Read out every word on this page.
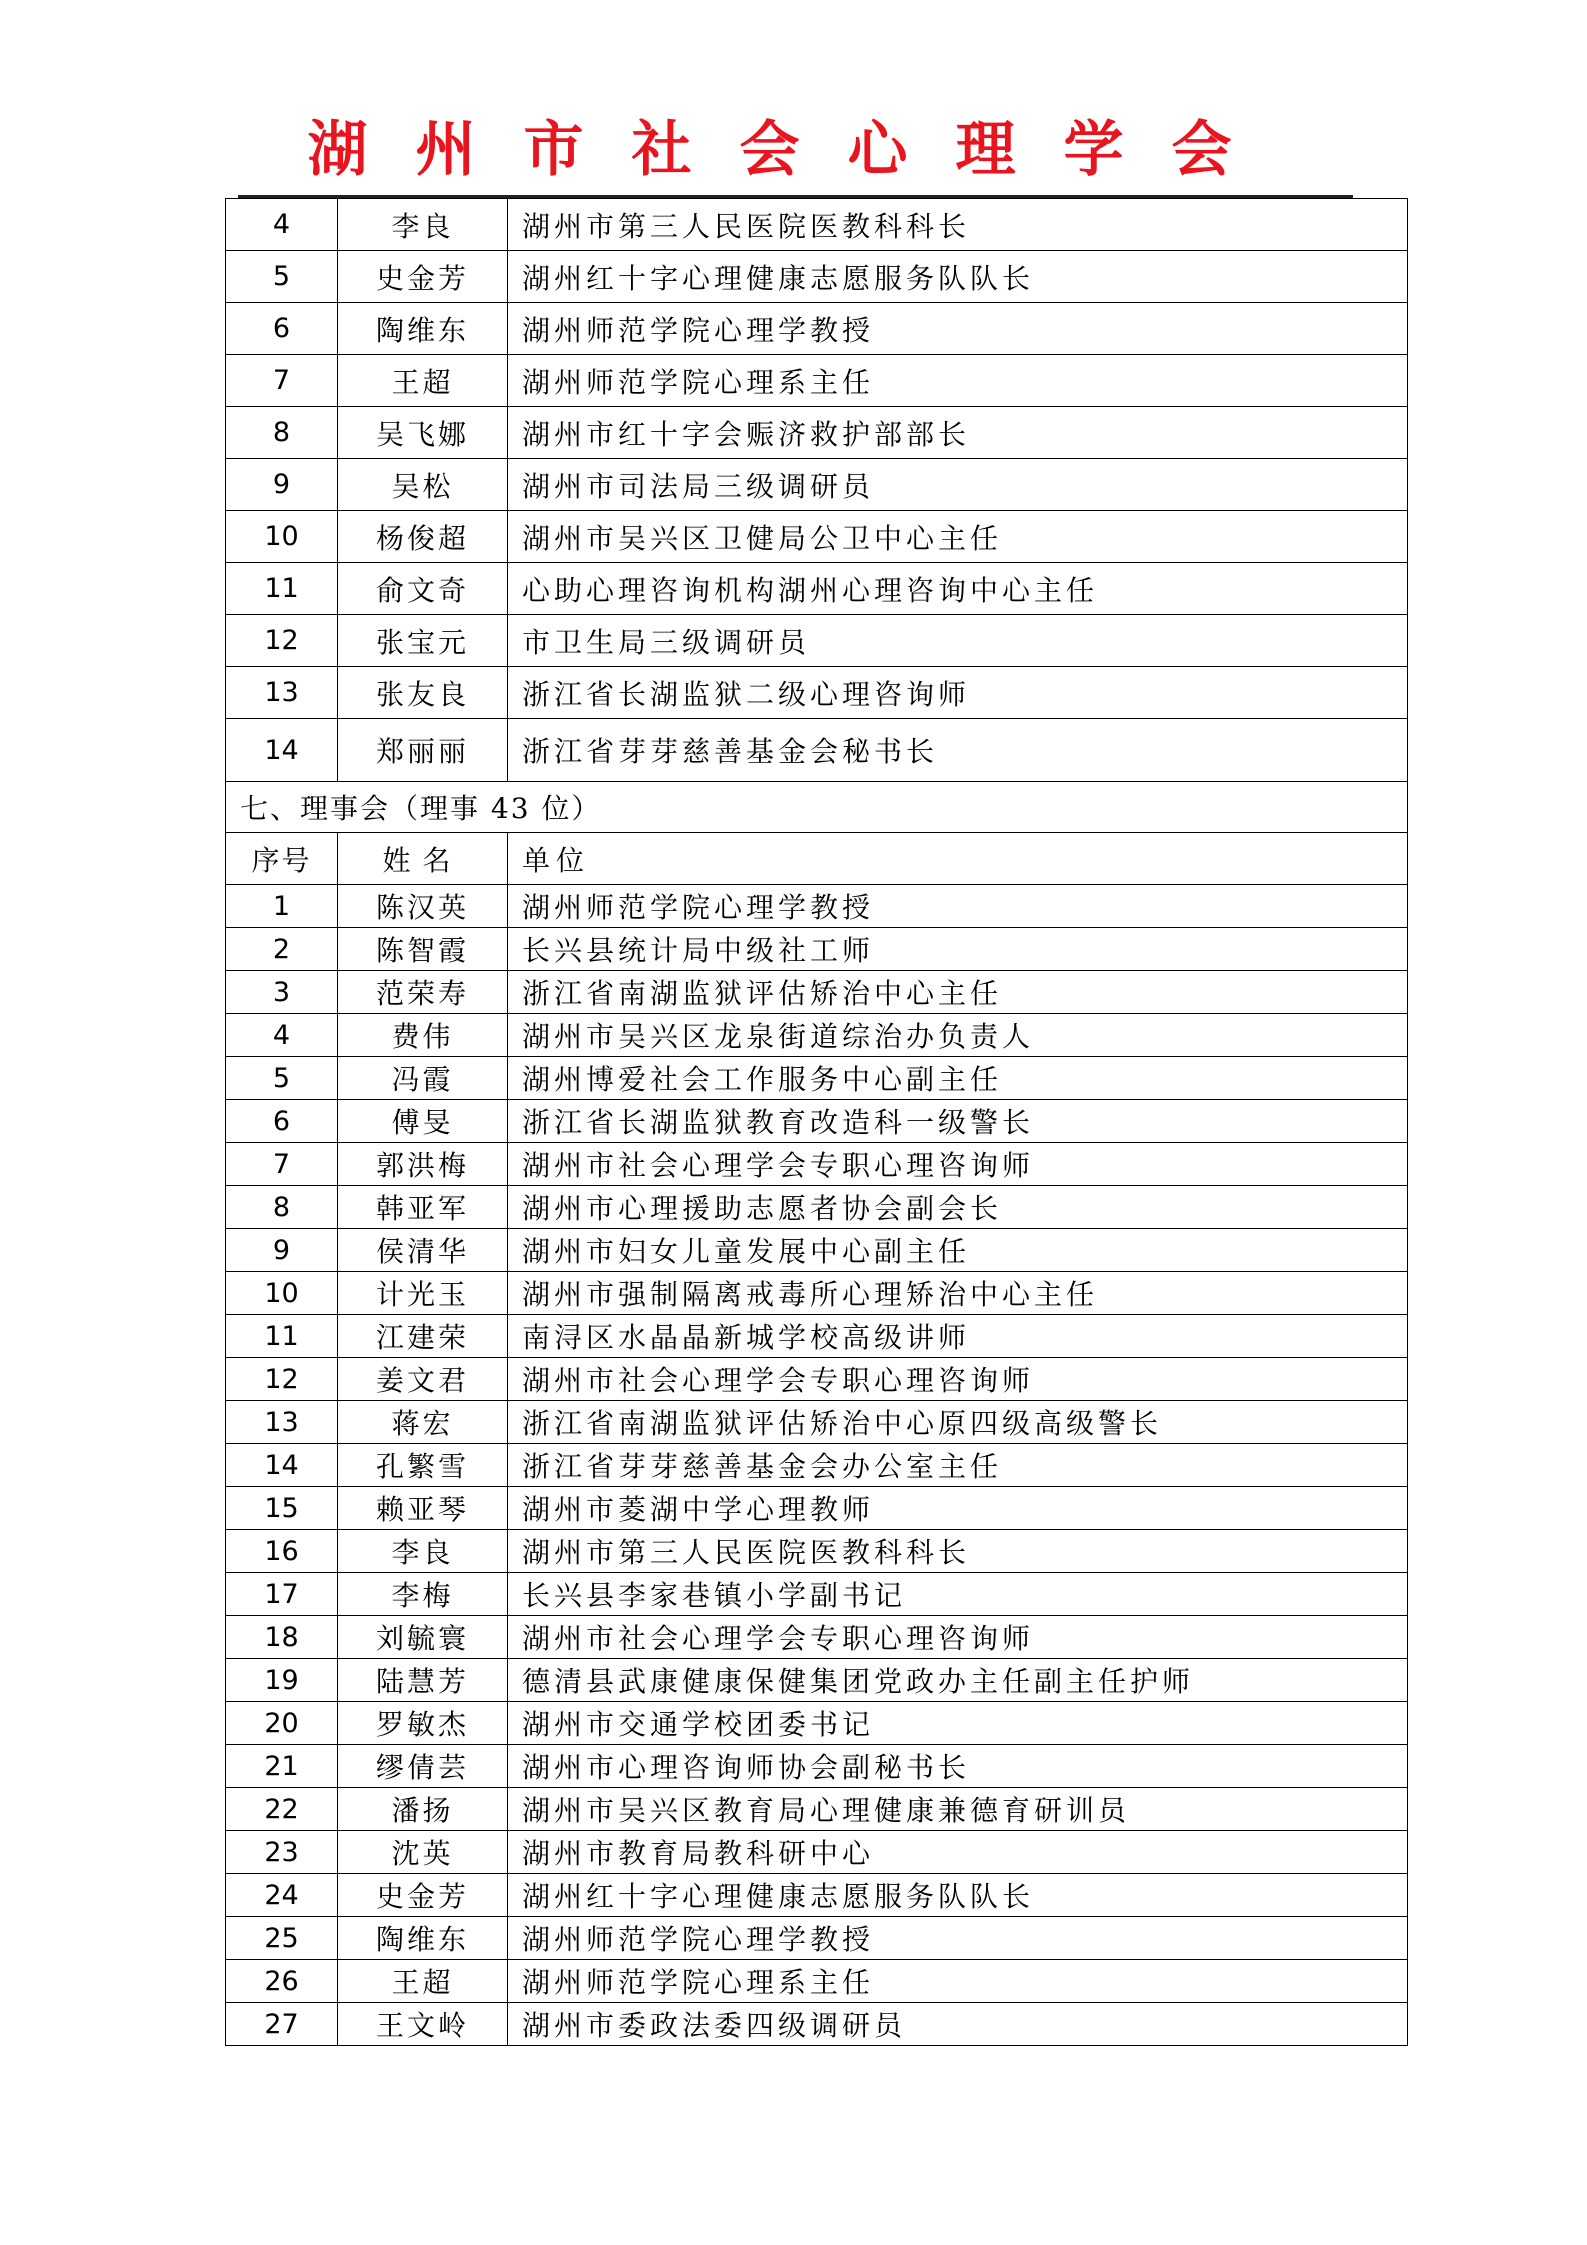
湖州市社会心理学会
4	李良	湖州市第三人民医院医教科科长
5	史金芳	湖州红十字心理健康志愿服务队队长
6	陶维东	湖州师范学院心理学教授
7	王超	湖州师范学院心理系主任
8	吴飞娜	湖州市红十字会赈济救护部部长
9	吴松	湖州市司法局三级调研员
10	杨俊超	湖州市吴兴区卫健局公卫中心主任
11	俞文奇	心助心理咨询机构湖州心理咨询中心主任
12	张宝元	市卫生局三级调研员
13	张友良	浙江省长湖监狱二级心理咨询师
14	郑丽丽	浙江省芽芽慈善基金会秘书长
七、理事会（理事 43 位）		
序号	姓名	单位
1	陈汉英	湖州师范学院心理学教授
2	陈智霞	长兴县统计局中级社工师
3	范荣寿	浙江省南湖监狱评估矫治中心主任
4	费伟	湖州市吴兴区龙泉街道综治办负责人
5	冯霞	湖州博爱社会工作服务中心副主任
6	傅旻	浙江省长湖监狱教育改造科一级警长
7	郭洪梅	湖州市社会心理学会专职心理咨询师
8	韩亚军	湖州市心理援助志愿者协会副会长
9	侯清华	湖州市妇女儿童发展中心副主任
10	计光玉	湖州市强制隔离戒毒所心理矫治中心主任
11	江建荣	南浔区水晶晶新城学校高级讲师
12	姜文君	湖州市社会心理学会专职心理咨询师
13	蒋宏	浙江省南湖监狱评估矫治中心原四级高级警长
14	孔繁雪	浙江省芽芽慈善基金会办公室主任
15	赖亚琴	湖州市菱湖中学心理教师
16	李良	湖州市第三人民医院医教科科长
17	李梅	长兴县李家巷镇小学副书记
18	刘毓寰	湖州市社会心理学会专职心理咨询师
19	陆慧芳	德清县武康健康保健集团党政办主任副主任护师
20	罗敏杰	湖州市交通学校团委书记
21	缪倩芸	湖州市心理咨询师协会副秘书长
22	潘扬	湖州市吴兴区教育局心理健康兼德育研训员
23	沈英	湖州市教育局教科研中心
24	史金芳	湖州红十字心理健康志愿服务队队长
25	陶维东	湖州师范学院心理学教授
26	王超	湖州师范学院心理系主任
27	王文岭	湖州市委政法委四级调研员
